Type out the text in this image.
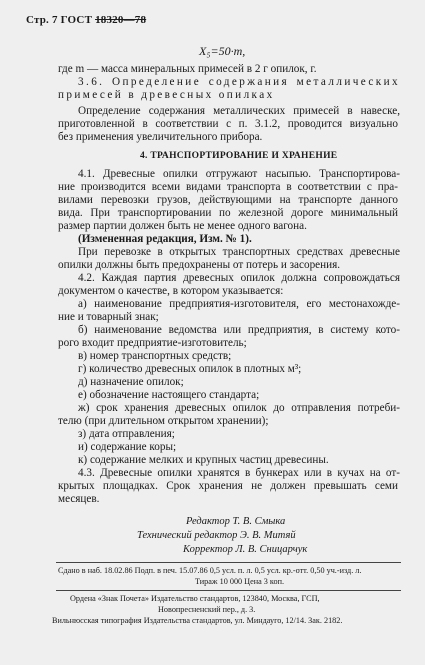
Стр. 7 ГОСТ 18320—78
X₅=50·m,
где m — масса минеральных примесей в 2 г опилок, г.
3.6. Определение содержания металлических
примесей в древесных опилках
Определение содержания металлических примесей в навеске,
приготовленной в соответствии с п. 3.1.2, проводится визуально
без применения увеличительного прибора.
4. ТРАНСПОРТИРОВАНИЕ И ХРАНЕНИЕ
4.1. Древесные опилки отгружают насыпью. Транспортирова-
ние производится всеми видами транспорта в соответствии с пра-
вилами перевозки грузов, действующими на транспорте данного
вида. При транспортировании по железной дороге минимальный
размер партии должен быть не менее одного вагона.
(Измененная редакция, Изм. № 1).
При перевозке в открытых транспортных средствах древесные
опилки должны быть предохранены от потерь и засорения.
4.2. Каждая партия древесных опилок должна сопровождаться
документом о качестве, в котором указывается:
а) наименование предприятия-изготовителя, его местонахожде-
ние и товарный знак;
б) наименование ведомства или предприятия, в систему кото-
рого входит предприятие-изготовитель;
в) номер транспортных средств;
г) количество древесных опилок в плотных м³;
д) назначение опилок;
е) обозначение настоящего стандарта;
ж) срок хранения древесных опилок до отправления потреби-
телю (при длительном открытом хранении);
з) дата отправления;
и) содержание коры;
к) содержание мелких и крупных частиц древесины.
4.3. Древесные опилки хранятся в бункерах или в кучах на от-
крытых площадках. Срок хранения не должен превышать семи
месяцев.
Редактор Т. В. Смыка
Технический редактор Э. В. Митяй
Корректор Л. В. Сницарчук
Сдано в наб. 18.02.86 Подп. в печ. 15.07.86 0,5 усл. п. л. 0,5 усл. кр.-отт. 0,50 уч.-изд. л.
Тираж 10 000 Цена 3 коп.
Ордена «Знак Почета» Издательство стандартов, 123840, Москва, ГСП,
Новопресненский пер., д. 3.
Вильнюсская типография Издательства стандартов, ул. Миндауго, 12/14. Зак. 2182.
